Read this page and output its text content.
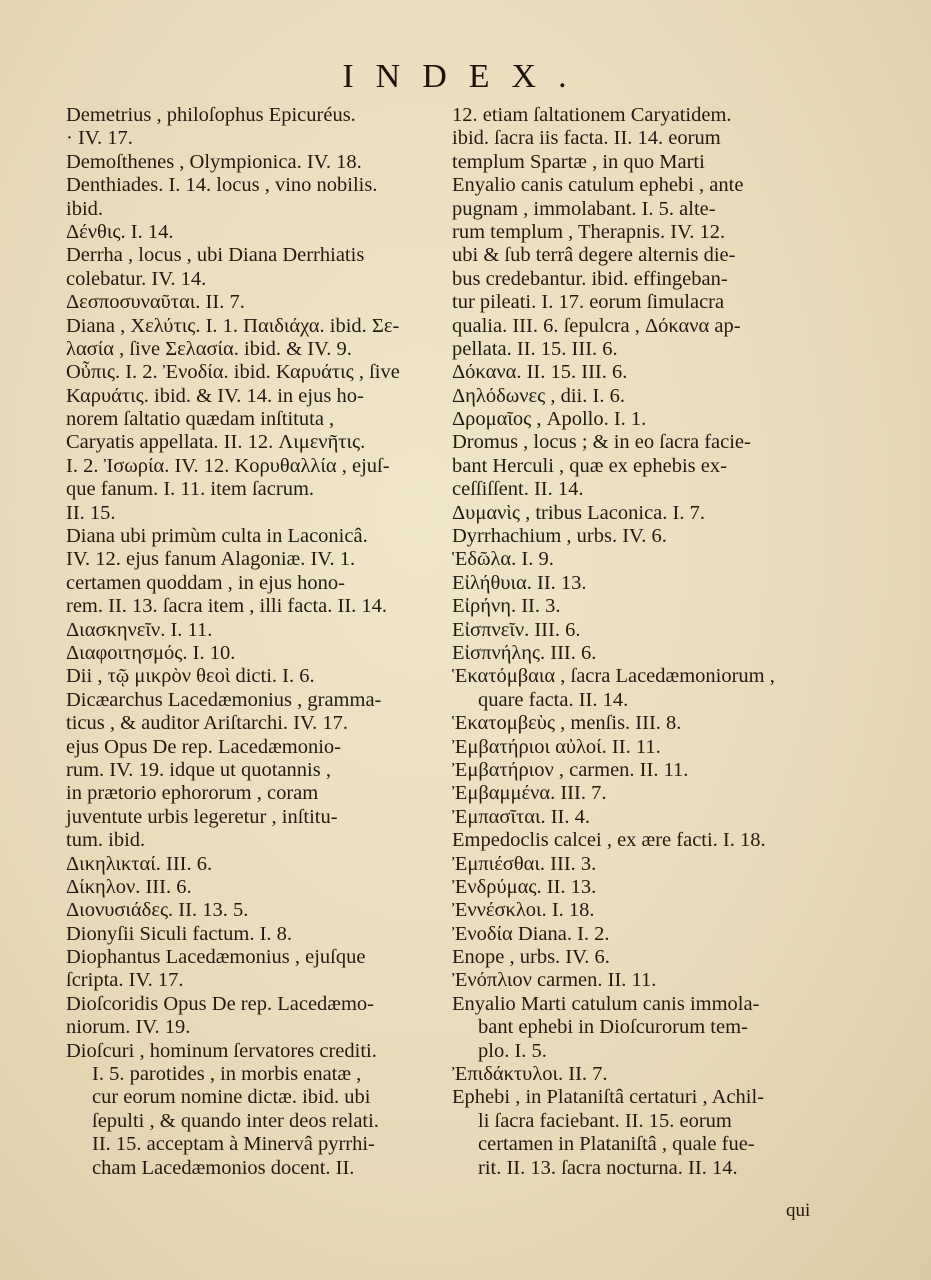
INDEX.
Demetrius , philoſophus Epicuréus.
· IV. 17.
Demoſthenes , Olympionica. IV. 18.
Denthiades. I. 14. locus , vino nobilis.
ibid.
Δένθις. I. 14.
Derrha , locus , ubi Diana Derrhiatis
colebatur. IV. 14.
Δεσποσυναῦται. II. 7.
Diana , Χελύτις. I. 1. Παιδιάχα. ibid. Σε-
λασία , ſive Σελασία. ibid. & IV. 9.
Οὖπις. I. 2. Ἐνοδία. ibid. Καρυάτις , ſive
Καρυάτις. ibid. & IV. 14. in ejus ho-
norem ſaltatio quædam inſtituta ,
Caryatis appellata. II. 12. Λιμενῆτις.
I. 2. Ἰσωρία. IV. 12. Κορυθαλλία , ejuſ-
que fanum. I. 11. item ſacrum.
II. 15.
Diana ubi primùm culta in Laconicâ.
IV. 12. ejus fanum Alagoniæ. IV. 1.
certamen quoddam , in ejus hono-
rem. II. 13. ſacra item , illi facta. II. 14.
Διασκηνεῖν. I. 11.
Διαφοιτησμός. I. 10.
Dii , τῷ μικρὸν θεοὶ dicti. I. 6.
Dicæarchus Lacedæmonius , gramma-
ticus , & auditor Ariſtarchi. IV. 17.
ejus Opus De rep. Lacedæmonio-
rum. IV. 19. idque ut quotannis ,
in prætorio ephororum , coram
juventute urbis legeretur , inſtitu-
tum. ibid.
Δικηλικταί. III. 6.
Δίκηλον. III. 6.
Διονυσιάδες. II. 13. 5.
Dionyſii Siculi factum. I. 8.
Diophantus Lacedæmonius , ejuſque
ſcripta. IV. 17.
Dioſcoridis Opus De rep. Lacedæmo-
niorum. IV. 19.
Dioſcuri , hominum ſervatores crediti.
I. 5. parotides , in morbis enatæ ,
cur eorum nomine dictæ. ibid. ubi
ſepulti , & quando inter deos relati.
II. 15. acceptam à Minervâ pyrrhi-
cham Lacedæmonios docent. II.
12. etiam ſaltationem Caryatidem.
ibid. ſacra iis facta. II. 14. eorum
templum Spartæ , in quo Marti
Enyalio canis catulum ephebi , ante
pugnam , immolabant. I. 5. alte-
rum templum , Therapnis. IV. 12.
ubi & ſub terrâ degere alternis die-
bus credebantur. ibid. effingeban-
tur pileati. I. 17. eorum ſimulacra
qualia. III. 6. ſepulcra , Δόκανα ap-
pellata. II. 15. III. 6.
Δόκανα. II. 15. III. 6.
Δηλόδωνες , dii. I. 6.
Δρομαῖος , Apollo. I. 1.
Dromus , locus ; & in eo ſacra facie-
bant Herculi , quæ ex ephebis ex-
ceſſiſſent. II. 14.
Δυμανὶς , tribus Laconica. I. 7.
Dyrrhachium , urbs. IV. 6.
Ἑδῶλα. I. 9.
Εἰλήθυια. II. 13.
Εἰρήνη. II. 3.
Εἰσπνεῖν. III. 6.
Εἰσπνήλης. III. 6.
Ἑκατόμβαια , ſacra Lacedæmoniorum ,
quare facta. II. 14.
Ἑκατομβεὺς , menſis. III. 8.
Ἐμβατήριοι αὐλοί. II. 11.
Ἐμβατήριον , carmen. II. 11.
Ἐμβαμμένα. III. 7.
Ἐμπασῖται. II. 4.
Empedoclis calcei , ex ære facti. I. 18.
Ἐμπιέσθαι. III. 3.
Ἐνδρύμας. II. 13.
Ἐννέσκλοι. I. 18.
Ἐνοδία Diana. I. 2.
Enope , urbs. IV. 6.
Ἐνόπλιον carmen. II. 11.
Enyalio Marti catulum canis immola-
bant ephebi in Dioſcurorum tem-
plo. I. 5.
Ἐπιδάκτυλοι. II. 7.
Ephebi , in Plataniſtâ certaturi , Achil-
li ſacra faciebant. II. 15. eorum
certamen in Plataniſtâ , quale fue-
rit. II. 13. ſacra nocturna. II. 14.
qui
